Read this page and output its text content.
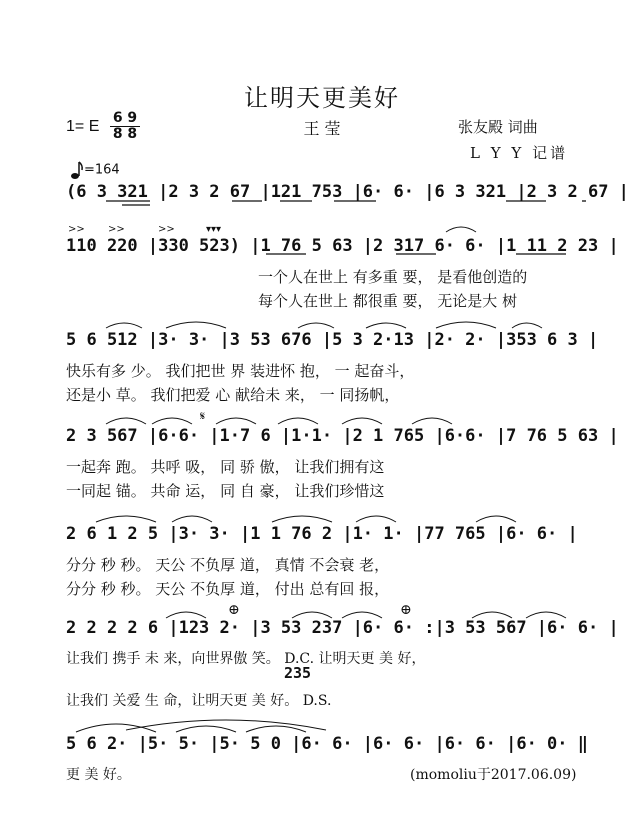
让明天更美好
1= E 6 9
8 8	王 莹	张友殿 词曲
L Y Y 记谱
=164
(6 3 321 |2 3 2 67 |121 753 |6· 6· |6 3 321 |2 3 2 67 |
110 220 |330 523) |1 76 5 63 |2 317 6· 6· |1 11 2 23 |
一个人在世上 有多重 要， 是看他创造的
每个人在世上 都很重 要， 无论是大 树
>> >>	>>	▾▾▾
5 6 512 |3· 3· |3 53 676 |5 3 2·13 |2· 2· |353 6 3 |
快乐有多 少。 我们把世 界 装进怀 抱， 一 起奋斗，
还是小 草。 我们把爱 心 献给未 来， 一 同扬帆，
2 3 567 |6·6· |1·7 6 |1·1· |2 1 765 |6·6· |7 76 5 63 |
一起奔 跑。 共呼 吸， 同 骄 傲， 让我们拥有这
一同起 锚。 共命 运， 同 自 豪， 让我们珍惜这
𝄋
2 6 1 2 5 |3· 3· |1 1 76 2 |1· 1· |77 765 |6· 6· |
分分 秒 秒。 天公 不负厚 道， 真情 不会衰 老，
分分 秒 秒。 天公 不负厚 道， 付出 总有回 报，
2 2 2 2 6 |123 2· |3 53 237 |6· 6· :|3 53 567 |6· 6· |
让我们 携手 未 来，向世界傲 笑。 D.C. 让明天更 美 好，
235
让我们 关爱 生 命，让明天更 美 好。 D.S.
⊕	⊕
5 6 2· |5· 5· |5· 5 0 |6· 6· |6· 6· |6· 6· |6· 0· ‖
更 美 好。	(momoliu于2017.06.09)
